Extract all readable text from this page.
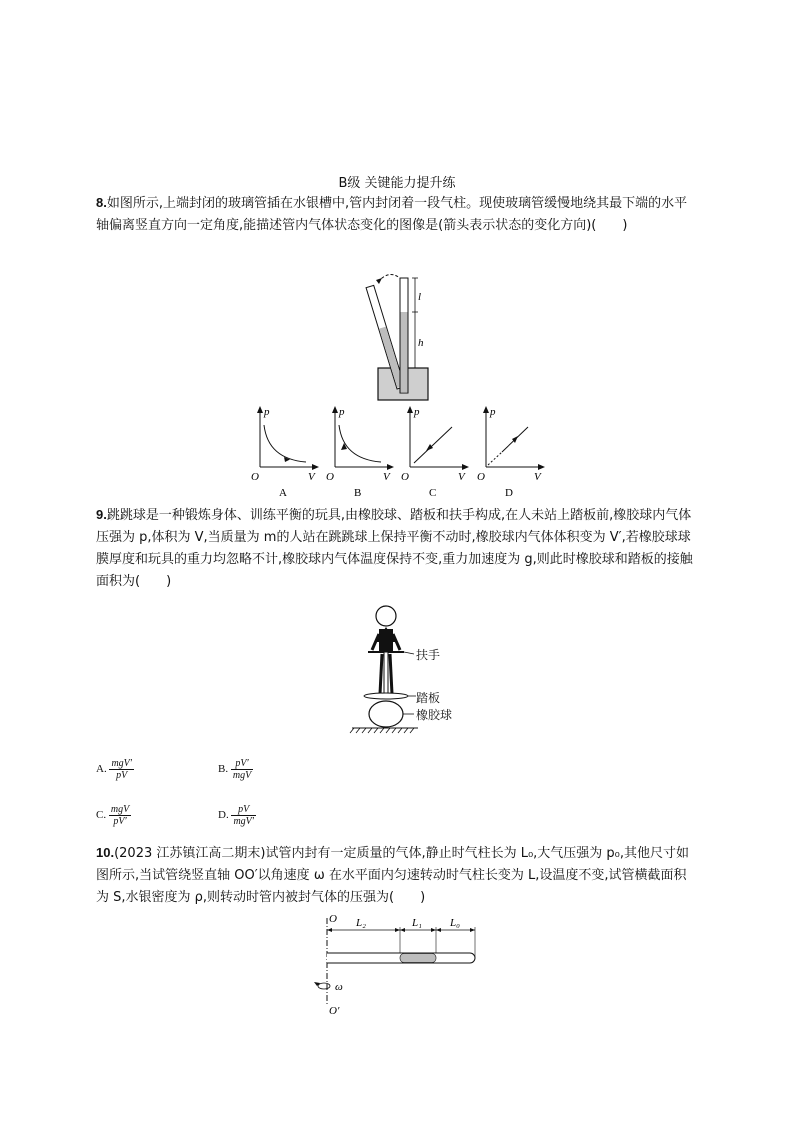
B级 关键能力提升练
8.如图所示,上端封闭的玻璃管插在水银槽中,管内封闭着一段气柱。现使玻璃管缓慢地绕其最下端的水平轴偏离竖直方向一定角度,能描述管内气体状态变化的图像是(箭头表示状态的变化方向)(　　)
l
h
p
V
O
A
p
V
O
B
p
V
O
C
p
V
O
D
9.跳跳球是一种锻炼身体、训练平衡的玩具,由橡胶球、踏板和扶手构成,在人未站上踏板前,橡胶球内气体压强为 p,体积为 V,当质量为 m的人站在跳跳球上保持平衡不动时,橡胶球内气体体积变为 V′,若橡胶球球膜厚度和玩具的重力均忽略不计,橡胶球内气体温度保持不变,重力加速度为 g,则此时橡胶球和踏板的接触面积为(　　)
扶手
踏板
橡胶球
A. $\frac{\text{mgV′}}{pV}$	B. $\frac{pV'}{\text{mgV}}$
C. $\frac{\text{mgV}}{pV'}$	D. $\frac{pV}{\text{mgV′}}$
10.(2023 江苏镇江高二期末)试管内封有一定质量的气体,静止时气柱长为 L₀,大气压强为 p₀,其他尺寸如图所示,当试管绕竖直轴 OO′以角速度 ω 在水平面内匀速转动时气柱长变为 L,设温度不变,试管横截面积为 S,水银密度为 ρ,则转动时管内被封气体的压强为(　　)
O
O′
ω
L₂	L₁	L₀
